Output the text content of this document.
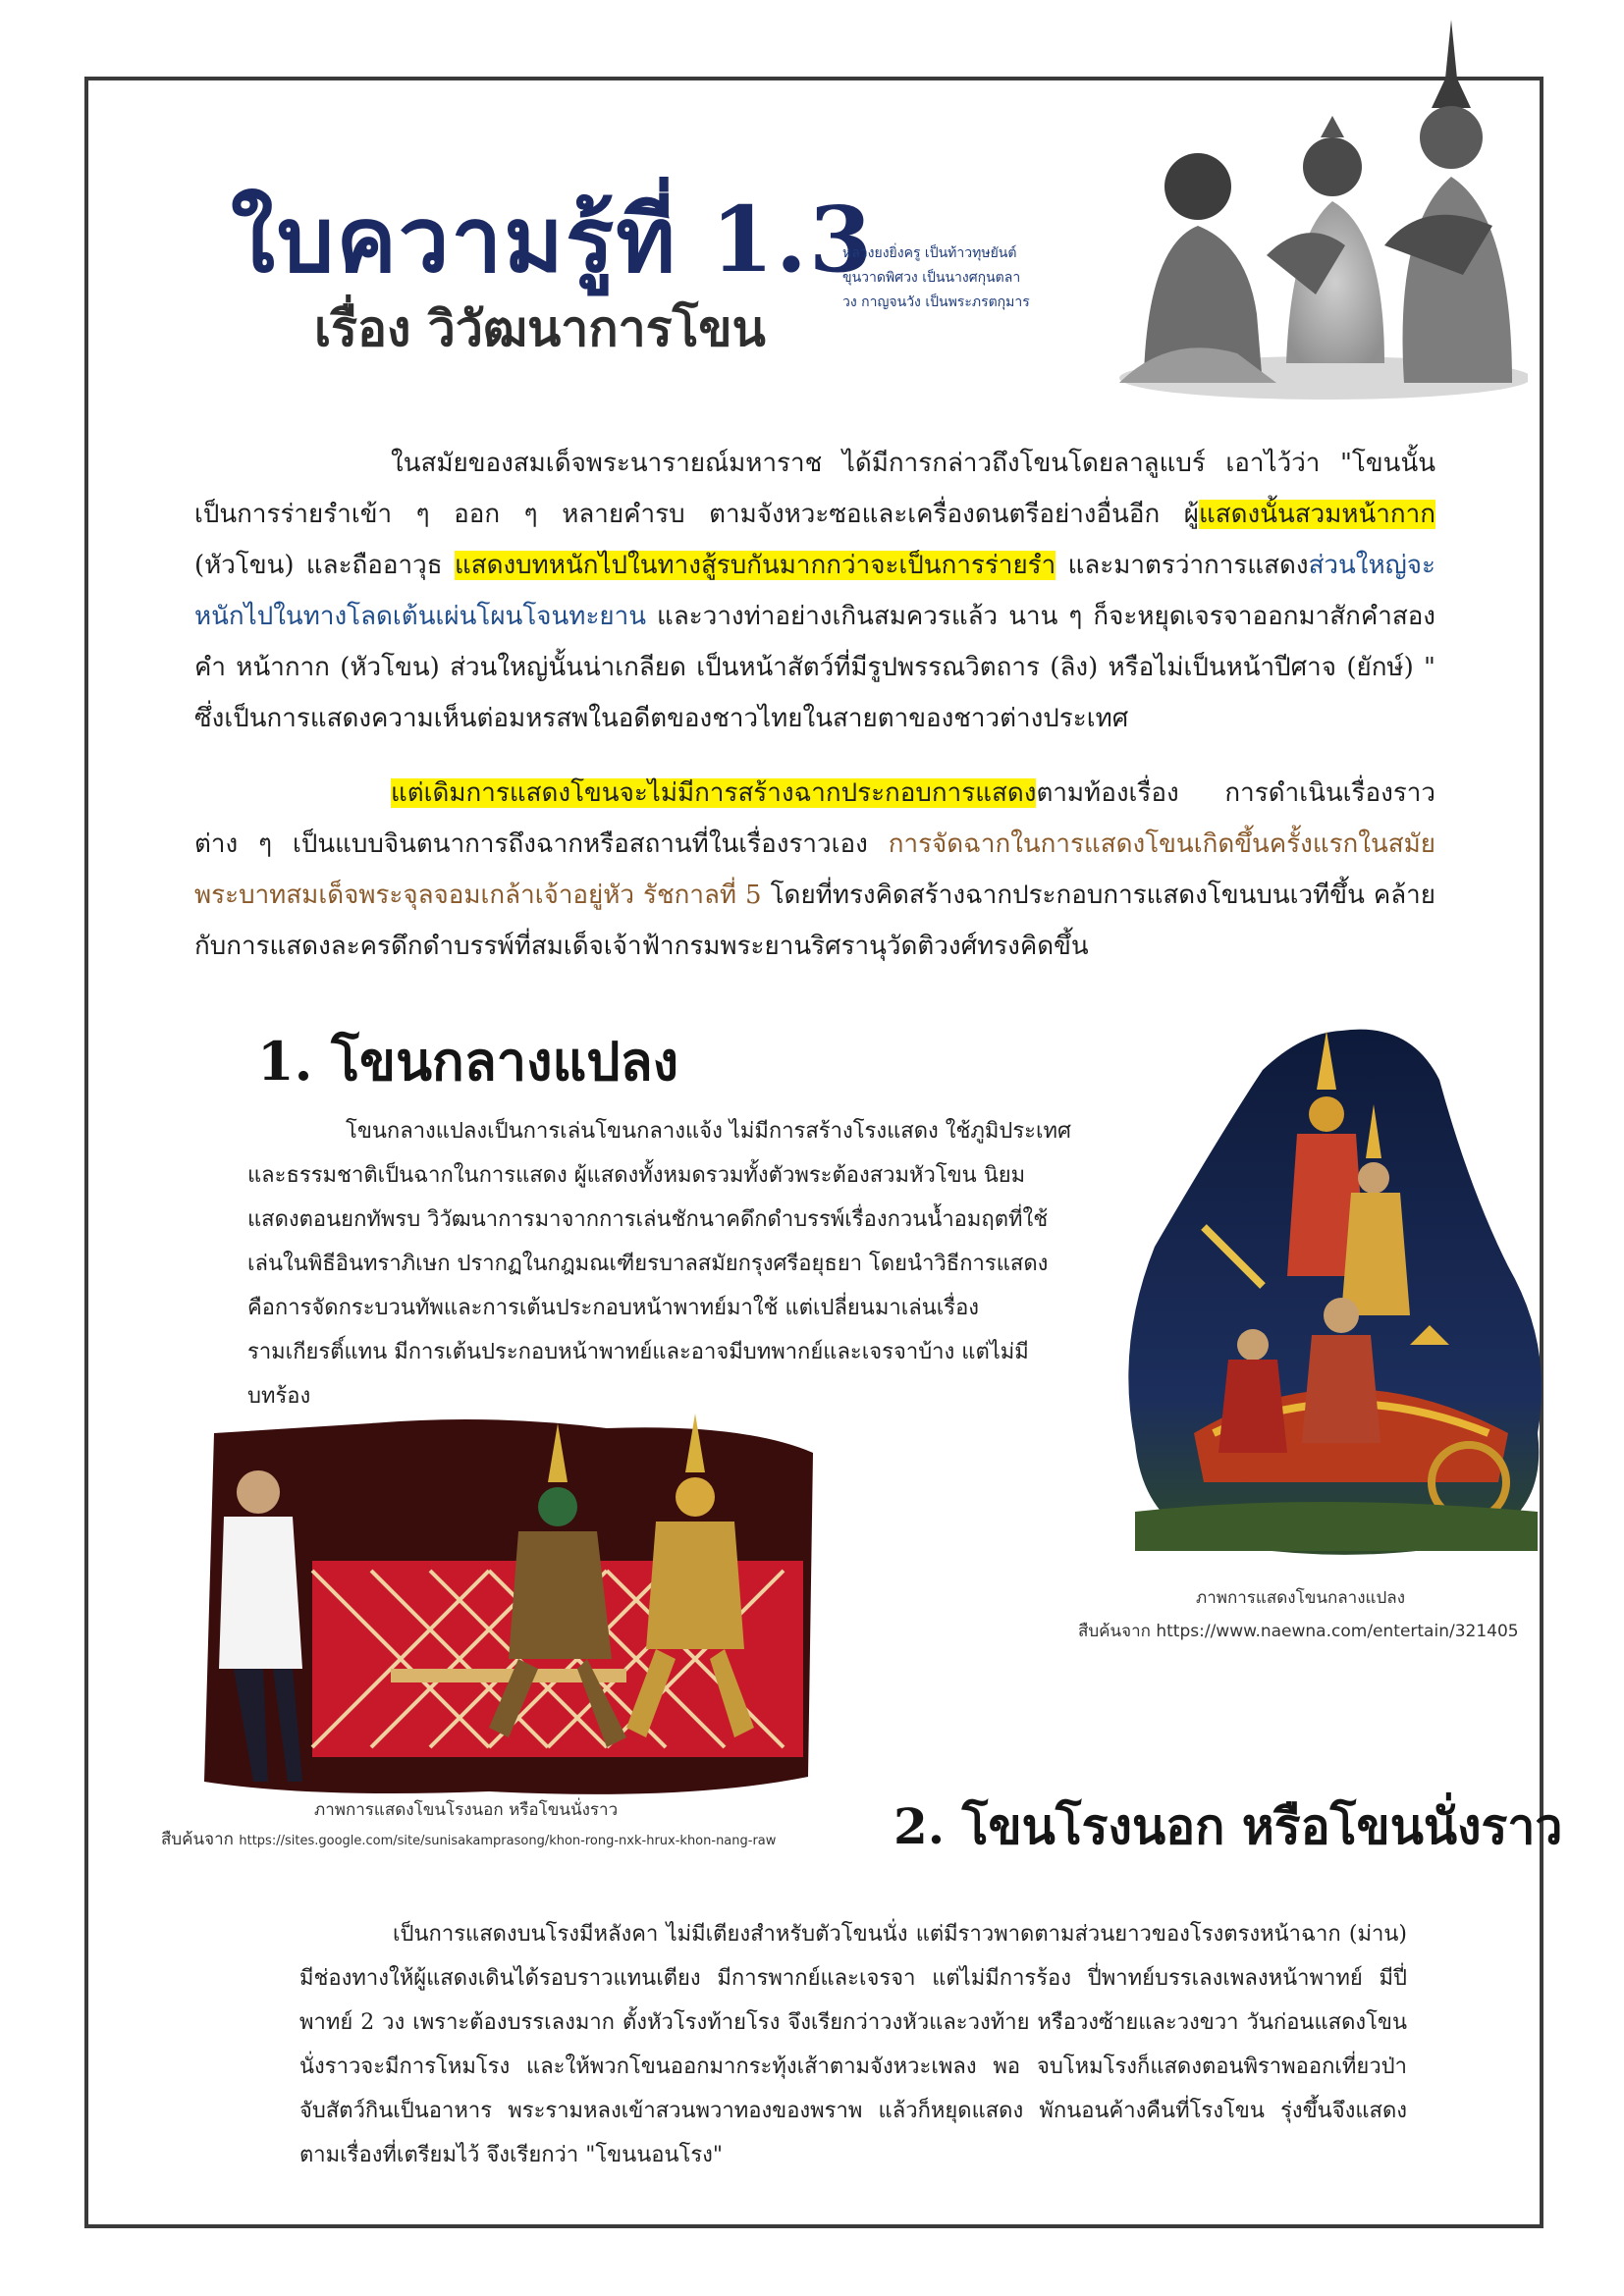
ใบความรู้ที่ 1.3
เรื่อง วิวัฒนาการโขน
หลวงยงยิ่งครู เป็นท้าวทุษยันต์
ขุนวาดพิศวง เป็นนางศกุนตลา
วง กาญจนวัง เป็นพระภรตกุมาร

ในสมัยของสมเด็จพระนารายณ์มหาราช ได้มีการกล่าวถึงโขนโดยลาลูแบร์ เอาไว้ว่า "โขนนั้น เป็นการร่ายรำเข้า ๆ ออก ๆ หลายคำรบ ตามจังหวะซอและเครื่องดนตรีอย่างอื่นอีก ผู้แสดงนั้นสวมหน้ากาก (หัวโขน) และถืออาวุธ แสดงบทหนักไปในทางสู้รบกันมากกว่าจะเป็นการร่ายรำ และมาตรว่าการแสดงส่วนใหญ่จะหนักไปในทางโลดเต้นเผ่นโผนโจนทะยาน และวางท่าอย่างเกินสมควรแล้ว นาน ๆ ก็จะหยุดเจรจาออกมาสักคำสองคำ หน้ากาก (หัวโขน) ส่วนใหญ่นั้นน่าเกลียด เป็นหน้าสัตว์ที่มีรูปพรรณวิตถาร (ลิง) หรือไม่เป็นหน้าปีศาจ (ยักษ์) " ซึ่งเป็นการแสดงความเห็นต่อมหรสพในอดีตของชาวไทยในสายตาของชาวต่างประเทศ

แต่เดิมการแสดงโขนจะไม่มีการสร้างฉากประกอบการแสดงตามท้องเรื่อง การดำเนินเรื่องราวต่าง ๆ เป็นแบบจินตนาการถึงฉากหรือสถานที่ในเรื่องราวเอง การจัดฉากในการแสดงโขนเกิดขึ้นครั้งแรกในสมัยพระบาทสมเด็จพระจุลจอมเกล้าเจ้าอยู่หัว รัชกาลที่ 5 โดยที่ทรงคิดสร้างฉากประกอบการแสดงโขนบนเวทีขึ้น คล้ายกับการแสดงละครดึกดำบรรพ์ที่สมเด็จเจ้าฟ้ากรมพระยานริศรานุวัดติวงศ์ทรงคิดขึ้น

1. โขนกลางแปลง
โขนกลางแปลงเป็นการเล่นโขนกลางแจ้ง ไม่มีการสร้างโรงแสดง ใช้ภูมิประเทศและธรรมชาติเป็นฉากในการแสดง ผู้แสดงทั้งหมดรวมทั้งตัวพระต้องสวมหัวโขน นิยมแสดงตอนยกทัพรบ วิวัฒนาการมาจากการเล่นชักนาคดึกดำบรรพ์เรื่องกวนน้ำอมฤตที่ใช้เล่นในพิธีอินทราภิเษก ปรากฏในกฎมณเฑียรบาลสมัยกรุงศรีอยุธยา โดยนำวิธีการแสดงคือการจัดกระบวนทัพและการเต้นประกอบหน้าพาทย์มาใช้ แต่เปลี่ยนมาเล่นเรื่องรามเกียรติ์แทน มีการเต้นประกอบหน้าพาทย์และอาจมีบทพากย์และเจรจาบ้าง แต่ไม่มีบทร้อง
ภาพการแสดงโขนกลางแปลง
สืบค้นจาก https://www.naewna.com/entertain/321405
ภาพการแสดงโขนโรงนอก หรือโขนนั่งราว
สืบค้นจาก https://sites.google.com/site/sunisakamprasong/khon-rong-nxk-hrux-khon-nang-raw 2. โขนโรงนอก หรือโขนนั่งราว
เป็นการแสดงบนโรงมีหลังคา ไม่มีเตียงสำหรับตัวโขนนั่ง แต่มีราวพาดตามส่วนยาวของโรงตรงหน้าฉาก (ม่าน) มีช่องทางให้ผู้แสดงเดินได้รอบราวแทนเตียง มีการพากย์และเจรจา แต่ไม่มีการร้อง ปี่พาทย์บรรเลงเพลงหน้าพาทย์ มีปี่พาทย์ 2 วง เพราะต้องบรรเลงมาก ตั้งหัวโรงท้ายโรง จึงเรียกว่าวงหัวและวงท้าย หรือวงซ้ายและวงขวา วันก่อนแสดงโขนนั่งราวจะมีการโหมโรง และให้พวกโขนออกมากระทุ้งเส้าตามจังหวะเพลง พอ จบโหมโรงก็แสดงตอนพิราพออกเที่ยวป่า จับสัตว์กินเป็นอาหาร พระรามหลงเข้าสวนพวาทองของพราพ แล้วก็หยุดแสดง พักนอนค้างคืนที่โรงโขน รุ่งขึ้นจึงแสดงตามเรื่องที่เตรียมไว้ จึงเรียกว่า "โขนนอนโรง"
